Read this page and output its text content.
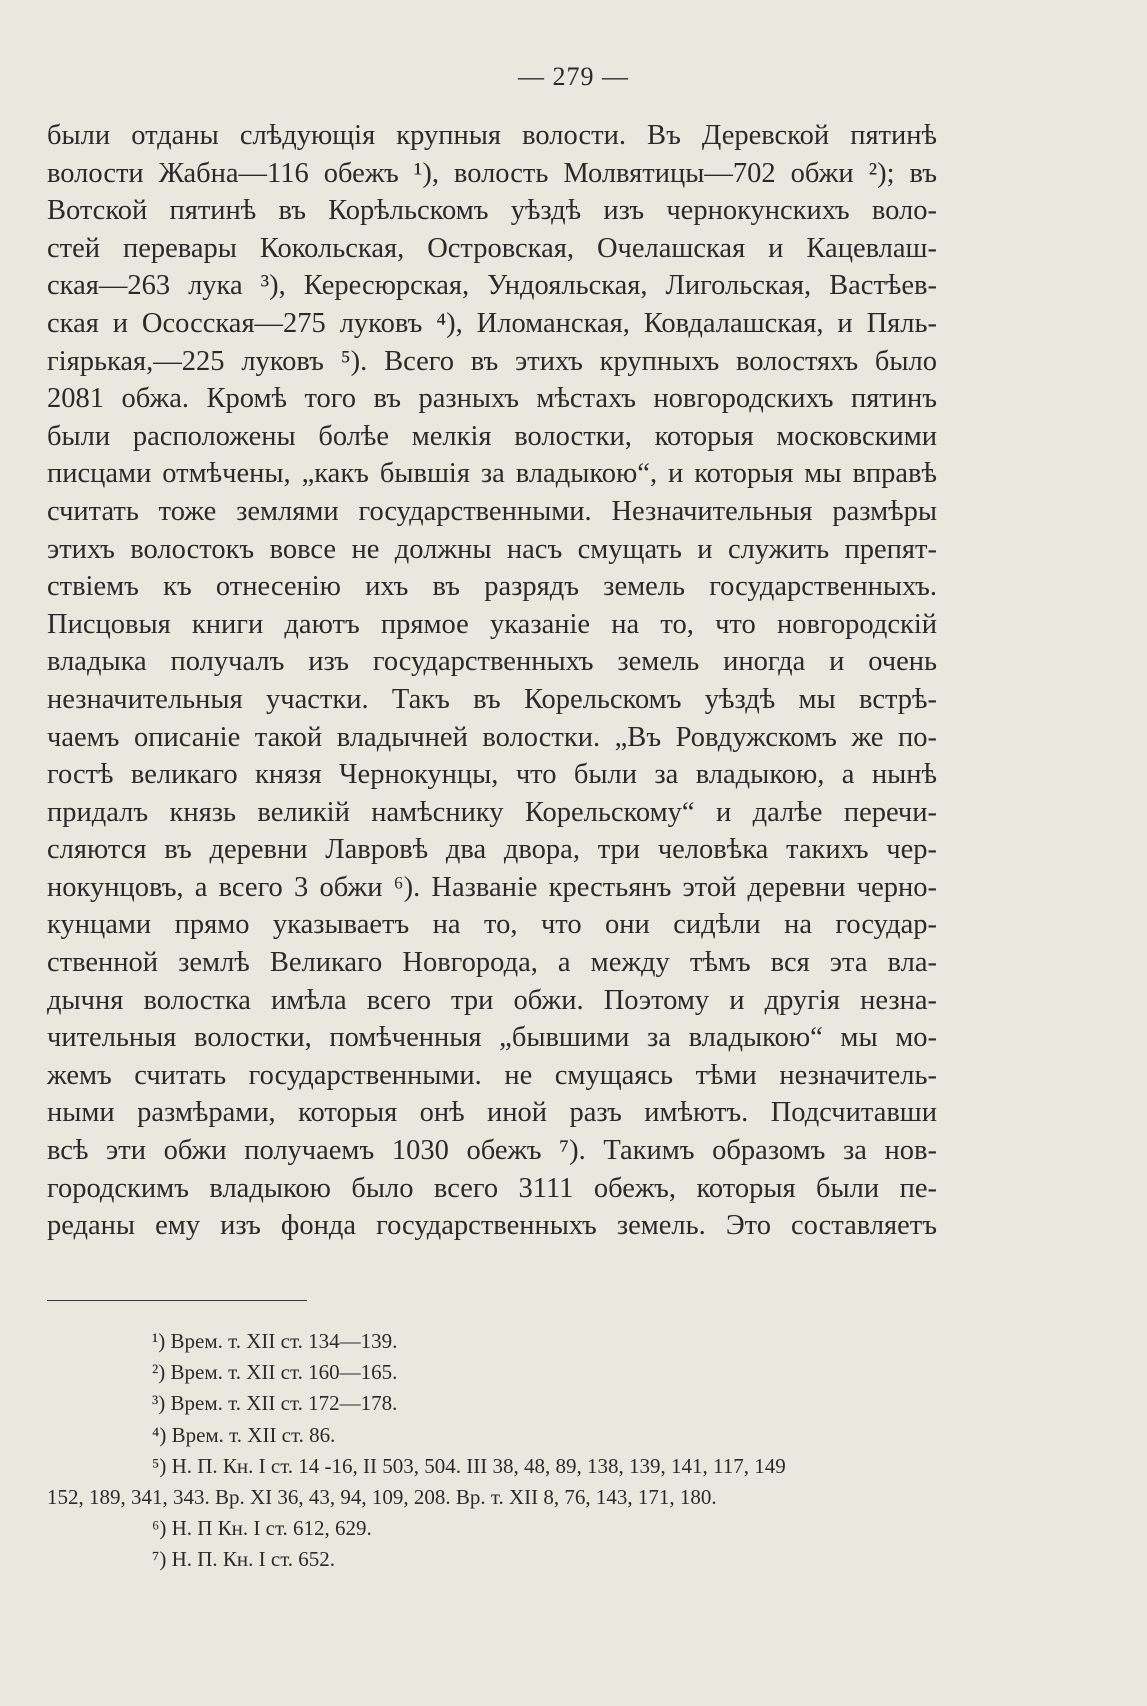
— 279 —
были отданы слѣдующія крупныя волости. Въ Деревской пятинѣ
волости Жабна—116 обежъ ¹), волость Молвятицы—702 обжи ²); въ
Вотской пятинѣ въ Корѣльскомъ уѣздѣ изъ чернокунскихъ воло-
стей перевары Кокольская, Островская, Очелашская и Кацевлаш-
ская—263 лука ³), Кересюрская, Ундояльская, Лигольская, Вастѣев-
ская и Ососская—275 луковъ ⁴), Иломанская, Ковдалашская, и Пяль-
гіярькая,—225 луковъ ⁵). Всего въ этихъ крупныхъ волостяхъ было
2081 обжа. Кромѣ того въ разныхъ мѣстахъ новгородскихъ пятинъ
были расположены болѣе мелкія волостки, которыя московскими
писцами отмѣчены, „какъ бывшія за владыкою“, и которыя мы вправѣ
считать тоже землями государственными. Незначительныя размѣры
этихъ волостокъ вовсе не должны насъ смущать и служить препят-
ствіемъ къ отнесенію ихъ въ разрядъ земель государственныхъ.
Писцовыя книги даютъ прямое указаніе на то, что новгородскій
владыка получалъ изъ государственныхъ земель иногда и очень
незначительныя участки. Такъ въ Корельскомъ уѣздѣ мы встрѣ-
чаемъ описаніе такой владычней волостки. „Въ Ровдужскомъ же по-
гостѣ великаго князя Чернокунцы, что были за владыкою, а нынѣ
придалъ князь великій намѣснику Корельскому“ и далѣе перечи-
сляются въ деревни Лавровѣ два двора, три человѣка такихъ чер-
нокунцовъ, а всего 3 обжи ⁶). Названіе крестьянъ этой деревни черно-
кунцами прямо указываетъ на то, что они сидѣли на государ-
ственной землѣ Великаго Новгорода, а между тѣмъ вся эта вла-
дычня волостка имѣла всего три обжи. Поэтому и другія незна-
чительныя волостки, помѣченныя „бывшими за владыкою“ мы мо-
жемъ считать государственными. не смущаясь тѣми незначитель-
ными размѣрами, которыя онѣ иной разъ имѣютъ. Подсчитавши
всѣ эти обжи получаемъ 1030 обежъ ⁷). Такимъ образомъ за нов-
городскимъ владыкою было всего 3111 обежъ, которыя были пе-
реданы ему изъ фонда государственныхъ земель. Это составляетъ
¹) Врем. т. XII ст. 134—139.
²) Врем. т. XII ст. 160—165.
³) Врем. т. XII ст. 172—178.
⁴) Врем. т. XII ст. 86.
⁵) Н. П. Кн. I ст. 14 -16, II 503, 504. III 38, 48, 89, 138, 139, 141, 117, 149
152, 189, 341, 343. Вр. XI 36, 43, 94, 109, 208. Вр. т. XII 8, 76, 143, 171, 180.
⁶) Н. П Кн. I ст. 612, 629.
⁷) Н. П. Кн. I ст. 652.
